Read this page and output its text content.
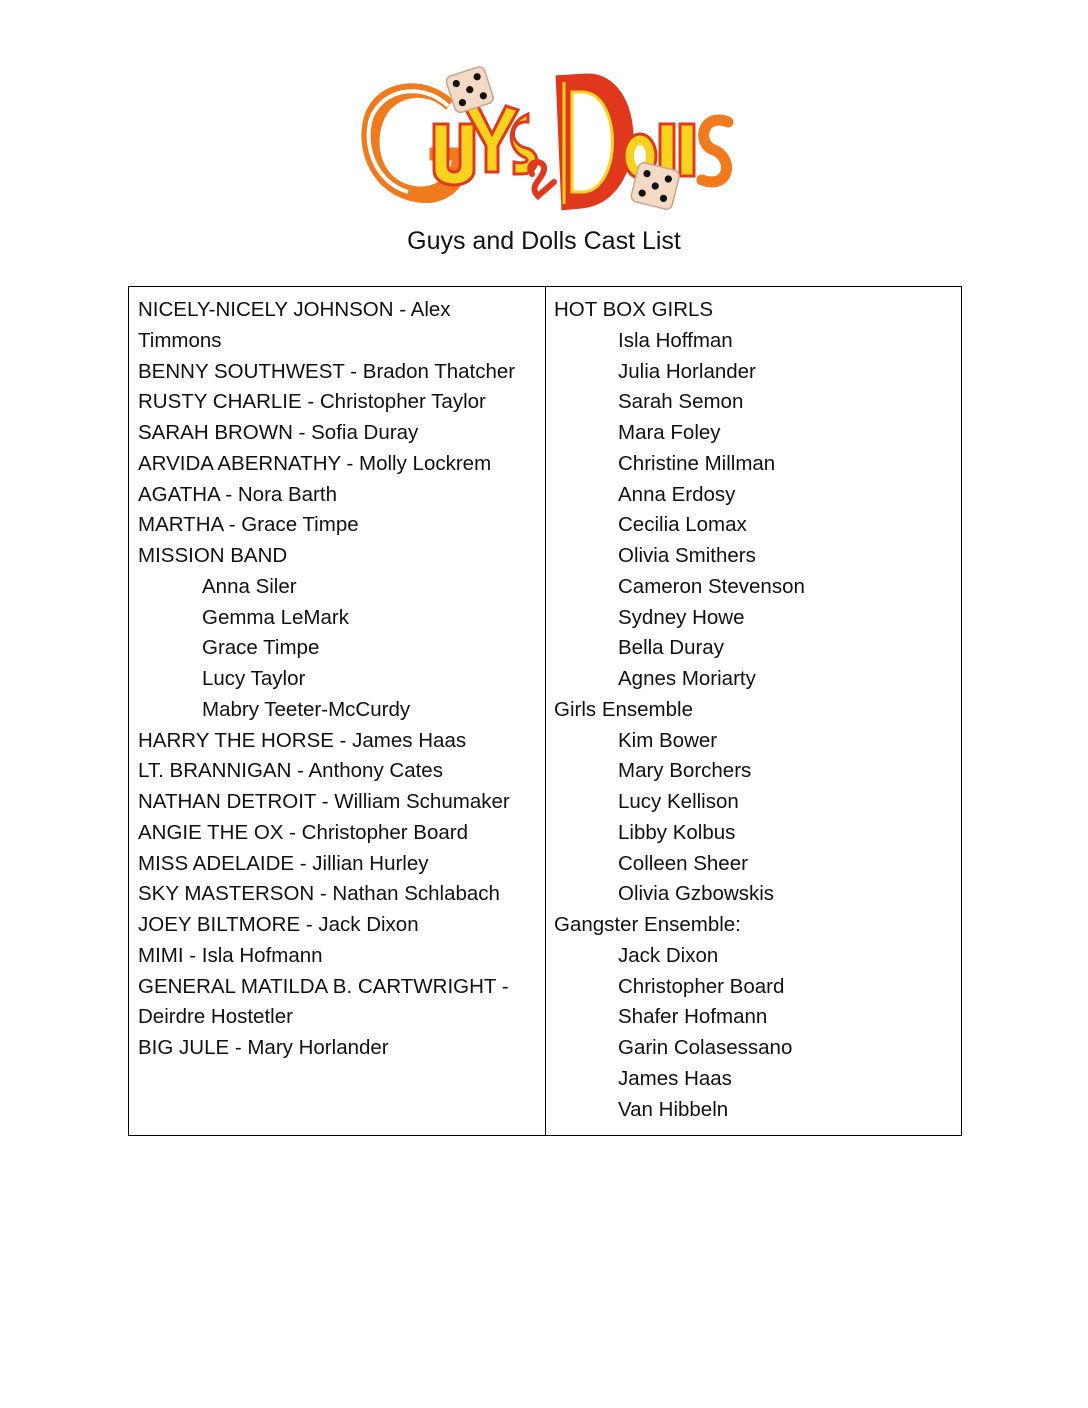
Guys and Dolls Cast List
NICELY-NICELY JOHNSON - Alex
Timmons
BENNY SOUTHWEST - Bradon Thatcher
RUSTY CHARLIE - Christopher Taylor
SARAH BROWN - Sofia Duray
ARVIDA ABERNATHY - Molly Lockrem
AGATHA - Nora Barth
MARTHA - Grace Timpe
MISSION BAND
Anna Siler
Gemma LeMark
Grace Timpe
Lucy Taylor
Mabry Teeter-McCurdy
HARRY THE HORSE - James Haas
LT. BRANNIGAN - Anthony Cates
NATHAN DETROIT - William Schumaker
ANGIE THE OX - Christopher Board
MISS ADELAIDE - Jillian Hurley
SKY MASTERSON - Nathan Schlabach
JOEY BILTMORE - Jack Dixon
MIMI - Isla Hofmann
GENERAL MATILDA B. CARTWRIGHT -
Deirdre Hostetler
BIG JULE - Mary Horlander
HOT BOX GIRLS
Isla Hoffman
Julia Horlander
Sarah Semon
Mara Foley
Christine Millman
Anna Erdosy
Cecilia Lomax
Olivia Smithers
Cameron Stevenson
Sydney Howe
Bella Duray
Agnes Moriarty
Girls Ensemble
Kim Bower
Mary Borchers
Lucy Kellison
Libby Kolbus
Colleen Sheer
Olivia Gzbowskis
Gangster Ensemble:
Jack Dixon
Christopher Board
Shafer Hofmann
Garin Colasessano
James Haas
Van Hibbeln
